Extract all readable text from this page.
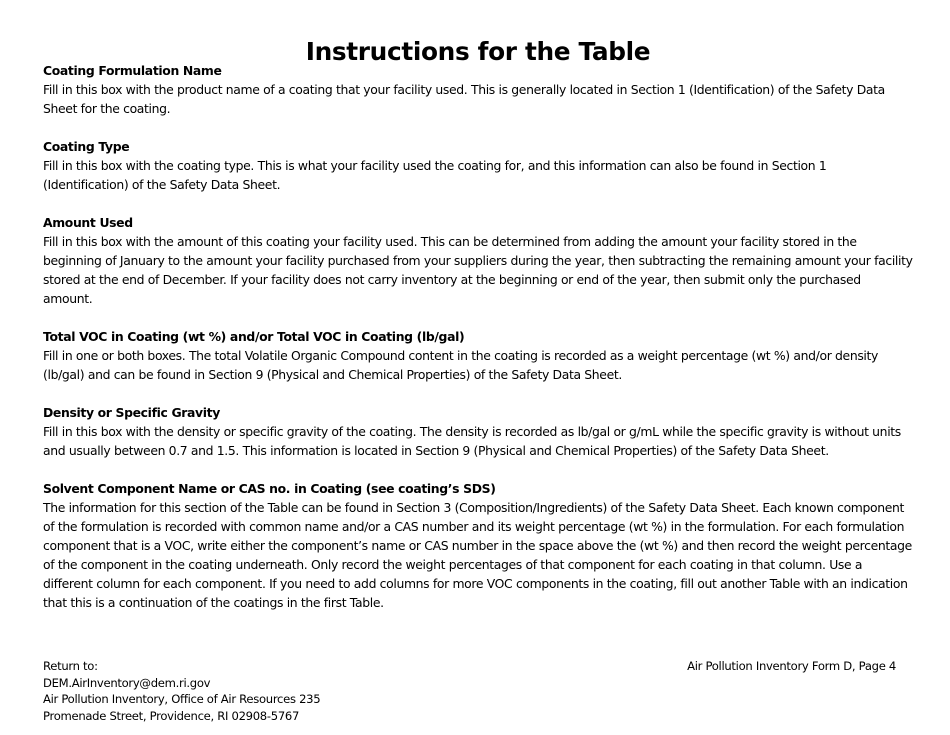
Instructions for the Table
Coating Formulation Name

Fill in this box with the product name of a coating that your facility used. This is generally located in Section 1 (Identification) of the Safety Data Sheet for the coating.

Coating Type

Fill in this box with the coating type. This is what your facility used the coating for, and this information can also be found in Section 1 (Identification) of the Safety Data Sheet.

Amount Used

Fill in this box with the amount of this coating your facility used. This can be determined from adding the amount your facility stored in the beginning of January to the amount your facility purchased from your suppliers during the year, then subtracting the remaining amount your facility stored at the end of December. If your facility does not carry inventory at the beginning or end of the year, then submit only the purchased amount.

Total VOC in Coating (wt %) and/or Total VOC in Coating (lb/gal)

Fill in one or both boxes. The total Volatile Organic Compound content in the coating is recorded as a weight percentage (wt %) and/or density (lb/gal) and can be found in Section 9 (Physical and Chemical Properties) of the Safety Data Sheet.

Density or Specific Gravity

Fill in this box with the density or specific gravity of the coating. The density is recorded as lb/gal or g/mL while the specific gravity is without units and usually between 0.7 and 1.5. This information is located in Section 9 (Physical and Chemical Properties) of the Safety Data Sheet.

Solvent Component Name or CAS no. in Coating (see coating’s SDS)

The information for this section of the Table can be found in Section 3 (Composition/Ingredients) of the Safety Data Sheet. Each known component of the formulation is recorded with common name and/or a CAS number and its weight percentage (wt %) in the formulation. For each formulation component that is a VOC, write either the component’s name or CAS number in the space above the (wt %) and then record the weight percentage of the component in the coating underneath. Only record the weight percentages of that component for each coating in that column. Use a different column for each component. If you need to add columns for more VOC components in the coating, fill out another Table with an indication that this is a continuation of the coatings in the first Table.

Return to:
DEM.AirInventory@dem.ri.gov
Air Pollution Inventory, Office of Air Resources 235
Promenade Street, Providence, RI 02908-5767
Air Pollution Inventory Form D, Page 4
